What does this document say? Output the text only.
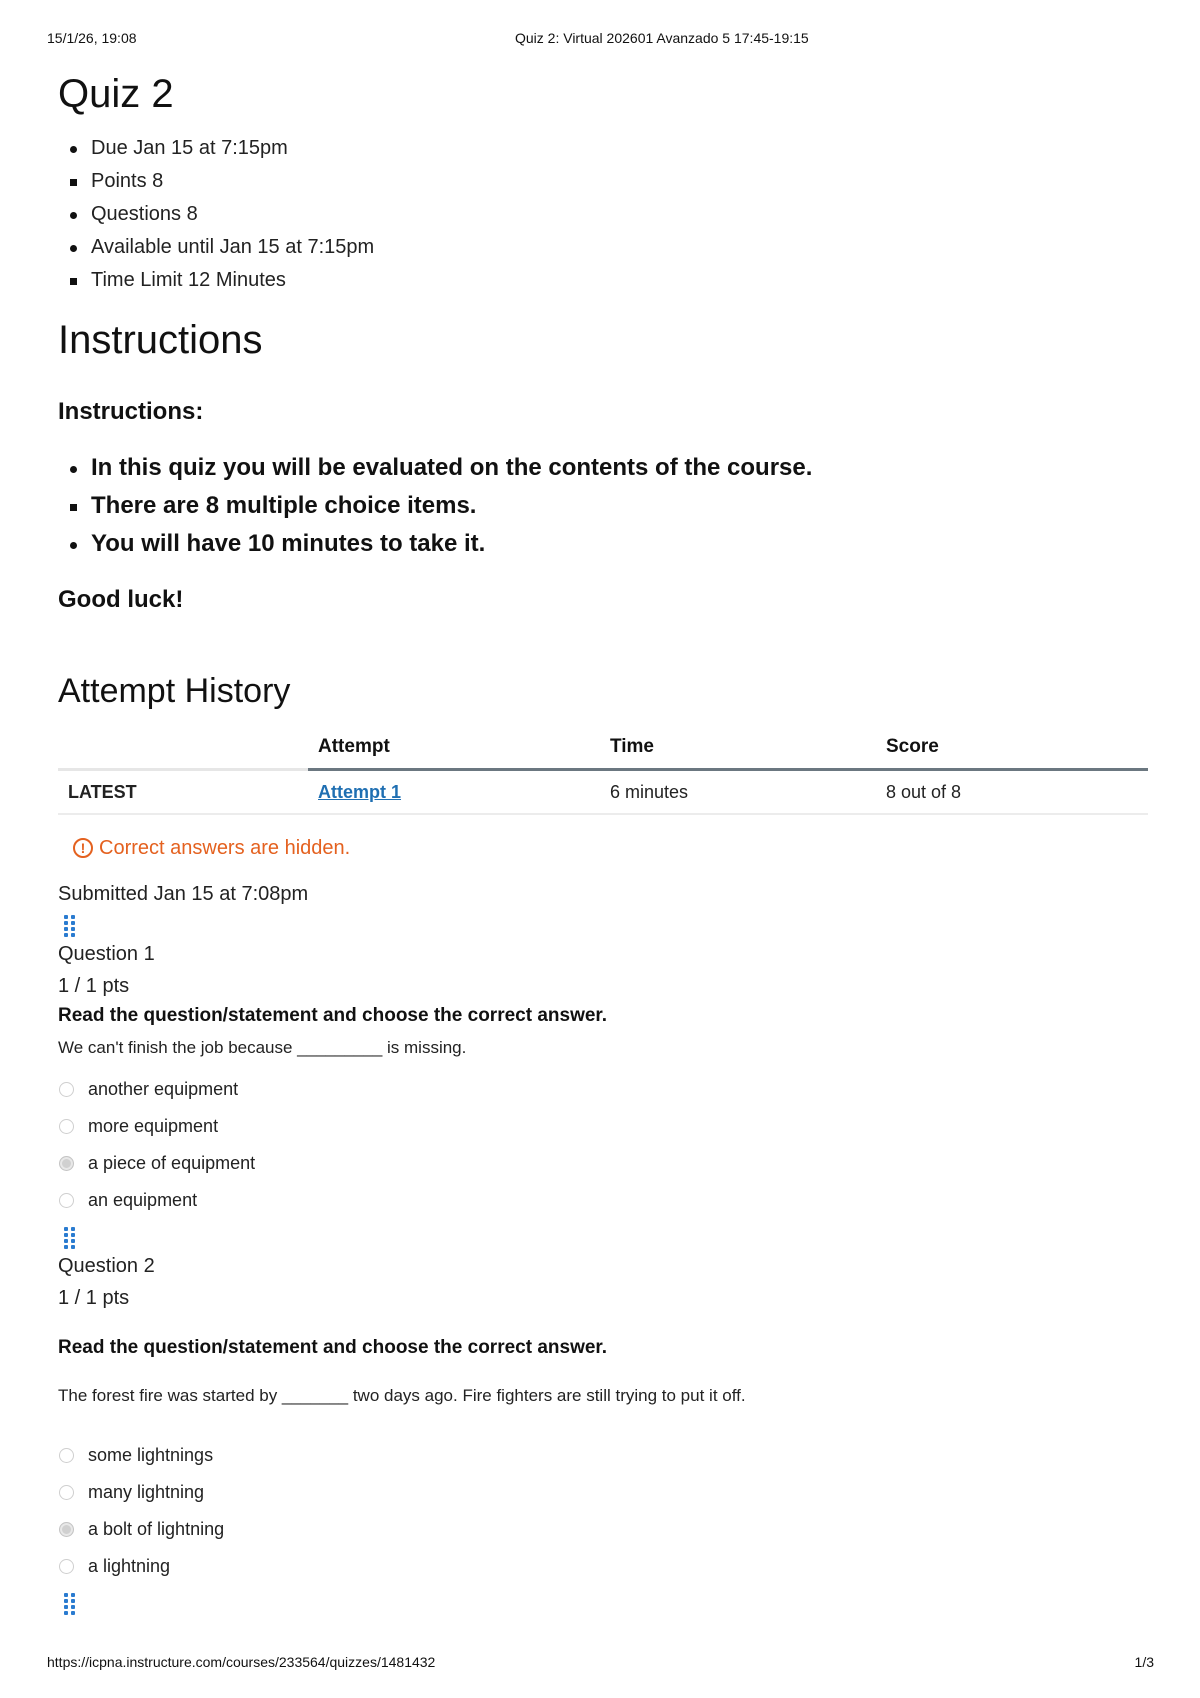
15/1/26, 19:08	Quiz 2: Virtual 202601 Avanzado 5 17:45-19:15
Quiz 2
Due Jan 15 at 7:15pm
Points 8
Questions 8
Available until Jan 15 at 7:15pm
Time Limit 12 Minutes
Instructions
Instructions:
In this quiz you will be evaluated on the contents of the course.
There are 8 multiple choice items.
You will have 10 minutes to take it.
Good luck!
Attempt History
	Attempt	Time	Score
LATEST	Attempt 1	6 minutes	8 out of 8
! Correct answers are hidden.
Submitted Jan 15 at 7:08pm
Question 1
1 / 1 pts
Read the question/statement and choose the correct answer.
We can't finish the job because _________ is missing.
another equipment
more equipment
a piece of equipment
an equipment
Question 2
1 / 1 pts
Read the question/statement and choose the correct answer.
The forest fire was started by _______ two days ago. Fire fighters are still trying to put it off.
some lightnings
many lightning
a bolt of lightning
a lightning
https://icpna.instructure.com/courses/233564/quizzes/1481432	1/3
